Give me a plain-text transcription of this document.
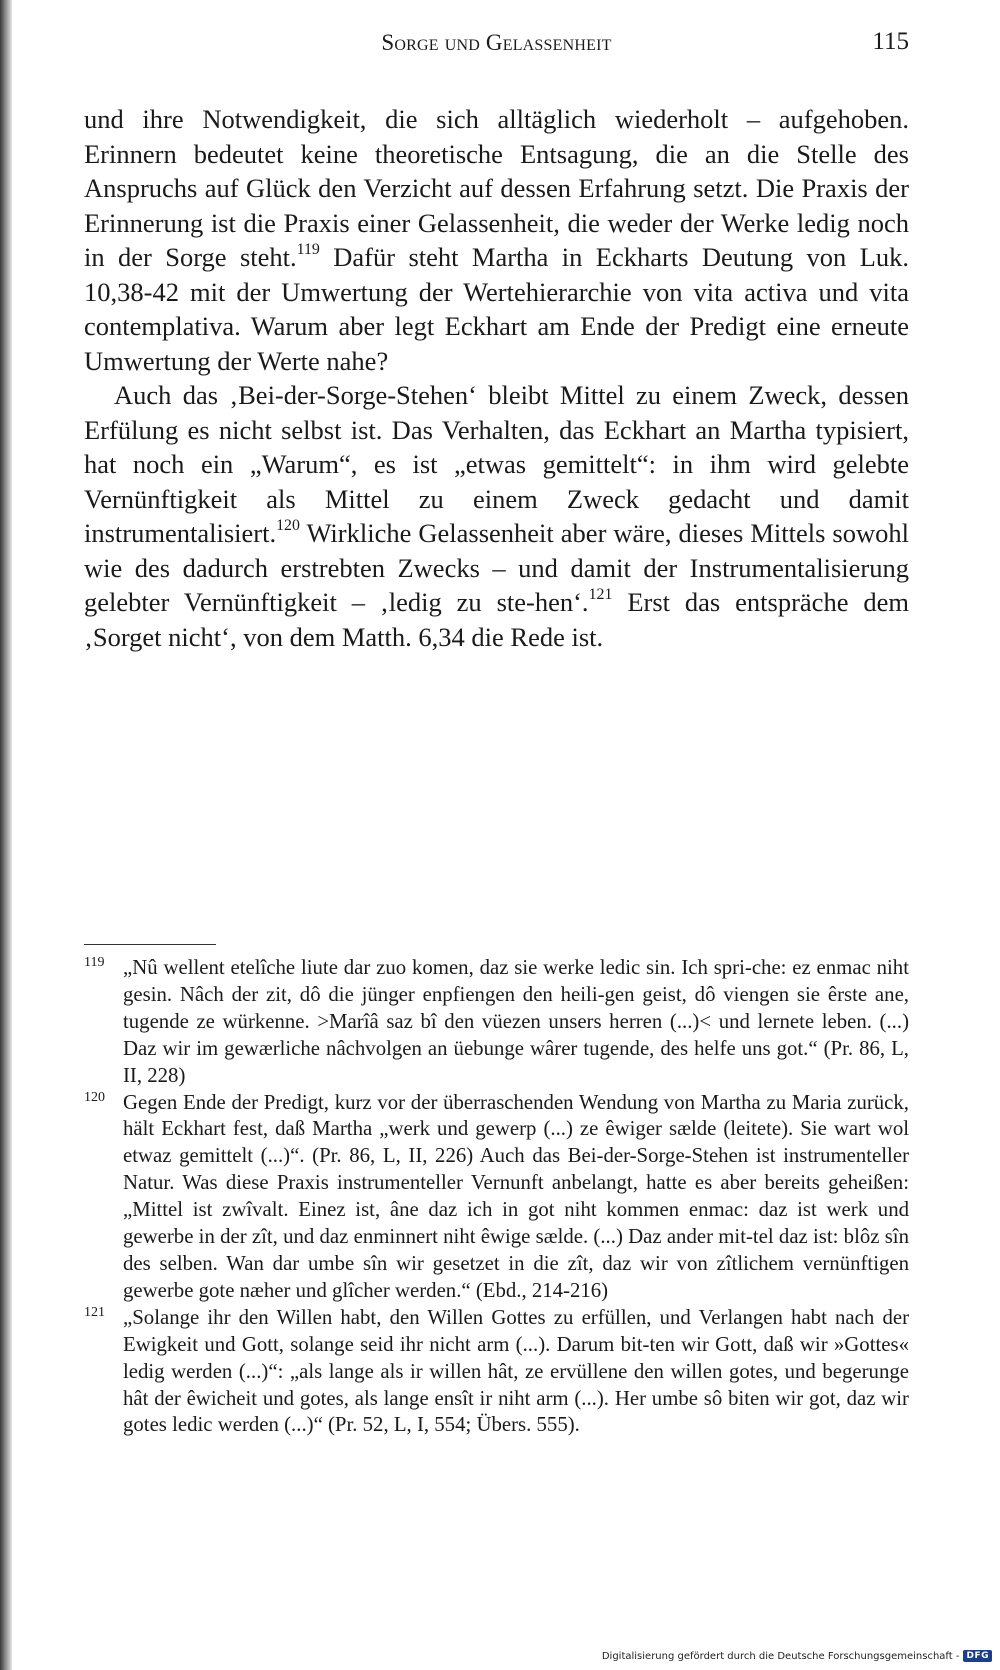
Sorge und Gelassenheit	115

und ihre Notwendigkeit, die sich alltäglich wiederholt – aufgehoben. Erinnern bedeutet keine theoretische Entsagung, die an die Stelle des Anspruchs auf Glück den Verzicht auf dessen Erfahrung setzt. Die Praxis der Erinnerung ist die Praxis einer Gelassenheit, die weder der Werke ledig noch in der Sorge steht.$^{119}$ Dafür steht Martha in Eckharts Deutung von Luk. 10,38-42 mit der Umwertung der Wertehierarchie von vita activa und vita contemplativa. Warum aber legt Eckhart am Ende der Predigt eine erneute Umwertung der Werte nahe?

Auch das ‚Bei-der-Sorge-Stehen‘ bleibt Mittel zu einem Zweck, dessen Erfülung es nicht selbst ist. Das Verhalten, das Eckhart an Martha typisiert, hat noch ein „Warum“, es ist „etwas gemittelt“: in ihm wird gelebte Vernünftigkeit als Mittel zu einem Zweck gedacht und damit instrumentalisiert.$^{120}$ Wirkliche Gelassenheit aber wäre, dieses Mittels sowohl wie des dadurch erstrebten Zwecks – und damit der Instrumentalisierung gelebter Vernünftigkeit – ‚ledig zu ste-hen‘.$^{121}$ Erst das entspräche dem ‚Sorget nicht‘, von dem Matth. 6,34 die Rede ist.

119 „Nû wellent etelîche liute dar zuo komen, daz sie werke ledic sin. Ich spri-che: ez enmac niht gesin. Nâch der zit, dô die jünger enpfiengen den heili-gen geist, dô viengen sie êrste ane, tugende ze würkenne. >Marîâ saz bî den vüezen unsers herren (...)< und lernete leben. (...) Daz wir im gewærliche nâchvolgen an üebunge wârer tugende, des helfe uns got.“ (Pr. 86, L, II, 228)
120 Gegen Ende der Predigt, kurz vor der überraschenden Wendung von Martha zu Maria zurück, hält Eckhart fest, daß Martha „werk und gewerp (...) ze êwiger sælde (leitete). Sie wart wol etwaz gemittelt (...)“. (Pr. 86, L, II, 226) Auch das Bei-der-Sorge-Stehen ist instrumenteller Natur. Was diese Praxis instrumenteller Vernunft anbelangt, hatte es aber bereits geheißen: „Mittel ist zwîvalt. Einez ist, âne daz ich in got niht kommen enmac: daz ist werk und gewerbe in der zît, und daz enminnert niht êwige sælde. (...) Daz ander mit-tel daz ist: blôz sîn des selben. Wan dar umbe sîn wir gesetzet in die zît, daz wir von zîtlichem vernünftigen gewerbe gote næher und glîcher werden.“ (Ebd., 214-216)
121 „Solange ihr den Willen habt, den Willen Gottes zu erfüllen, und Verlangen habt nach der Ewigkeit und Gott, solange seid ihr nicht arm (...). Darum bit-ten wir Gott, daß wir »Gottes« ledig werden (...)“: „als lange als ir willen hât, ze ervüllene den willen gotes, und begerunge hât der êwicheit und gotes, als lange ensît ir niht arm (...). Her umbe sô biten wir got, daz wir gotes ledic werden (...)“ (Pr. 52, L, I, 554; Übers. 555).
Digitalisierung gefördert durch die Deutsche Forschungsgemeinschaft - DFG
